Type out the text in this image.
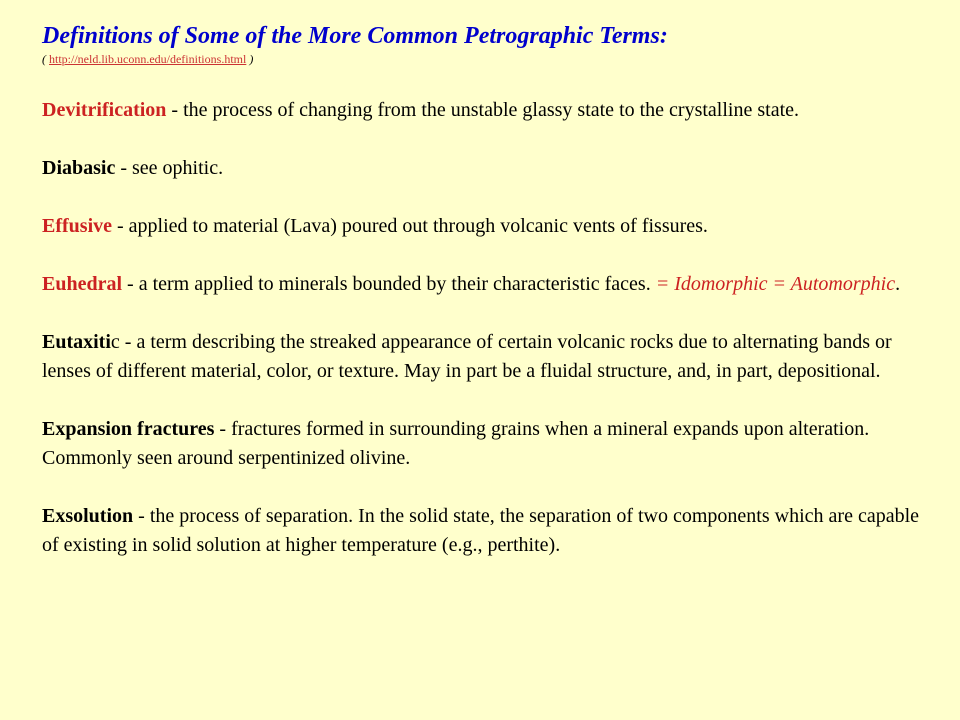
Definitions of Some of the More Common Petrographic Terms:

( http://neld.lib.uconn.edu/definitions.html )

Devitrification - the process of changing from the unstable glassy state to the crystalline state.

Diabasic - see ophitic.

Effusive - applied to material (Lava) poured out through volcanic vents of fissures.

Euhedral - a term applied to minerals bounded by their characteristic faces. = Idomorphic = Automorphic.

Eutaxitic - a term describing the streaked appearance of certain volcanic rocks due to alternating bands or lenses of different material, color, or texture. May in part be a fluidal structure, and, in part, depositional.

Expansion fractures - fractures formed in surrounding grains when a mineral expands upon alteration. Commonly seen around serpentinized olivine.

Exsolution - the process of separation. In the solid state, the separation of two components which are capable of existing in solid solution at higher temperature (e.g., perthite).
